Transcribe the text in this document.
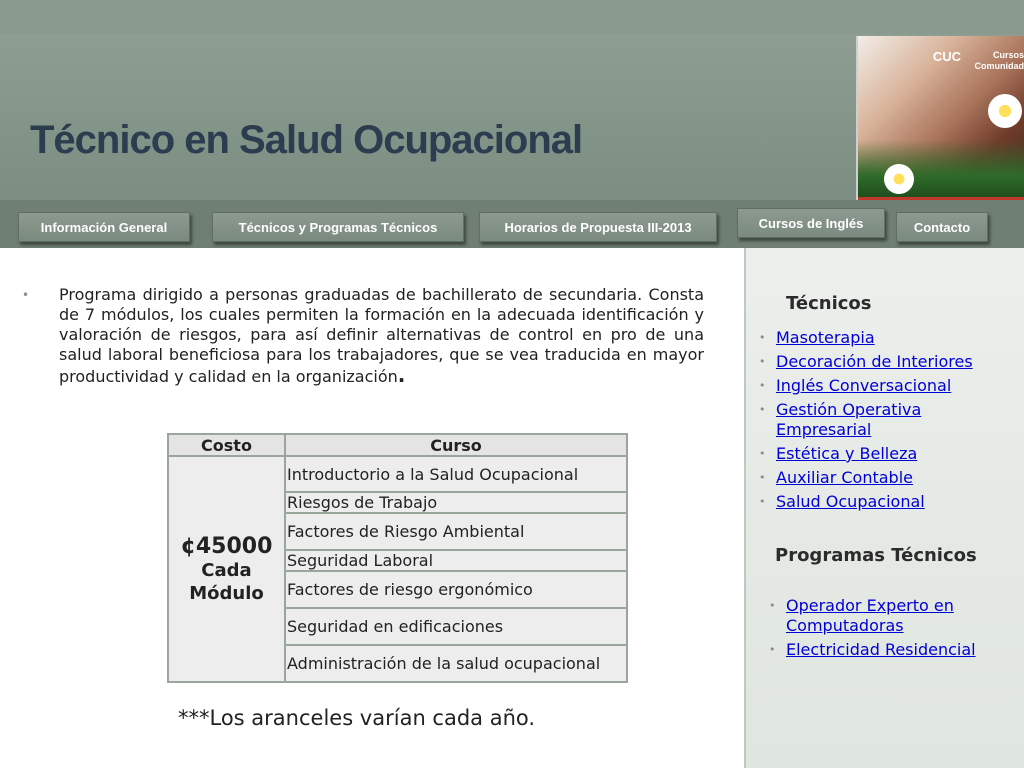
Técnico en Salud Ocupacional
CUC	Cursos
Comunidad
Información General	Técnicos y Programas Técnicos	Horarios de Propuesta III-2013	Cursos de Inglés	Contacto
•	Programa dirigido a personas graduadas de bachillerato de secundaria. Consta de 7 módulos, los cuales permiten la formación en la adecuada identificación y valoración de riesgos, para así definir alternativas de control en pro de una salud laboral beneficiosa para los trabajadores, que se vea traducida en mayor productividad y calidad en la organización.
Costo	Curso

¢45000
Cada
Módulo	Introductorio a la Salud Ocupacional
	Riesgos de Trabajo
	Factores de Riesgo Ambiental
	Seguridad Laboral
	Factores de riesgo ergonómico
	Seguridad en edificaciones
	Administración de la salud ocupacional
***Los aranceles varían cada año.
Técnicos
• Masoterapia
• Decoración de Interiores
• Inglés Conversacional
• Gestión Operativa Empresarial
• Estética y Belleza
• Auxiliar Contable
• Salud Ocupacional
Programas Técnicos
• Operador Experto en Computadoras
• Electricidad Residencial
